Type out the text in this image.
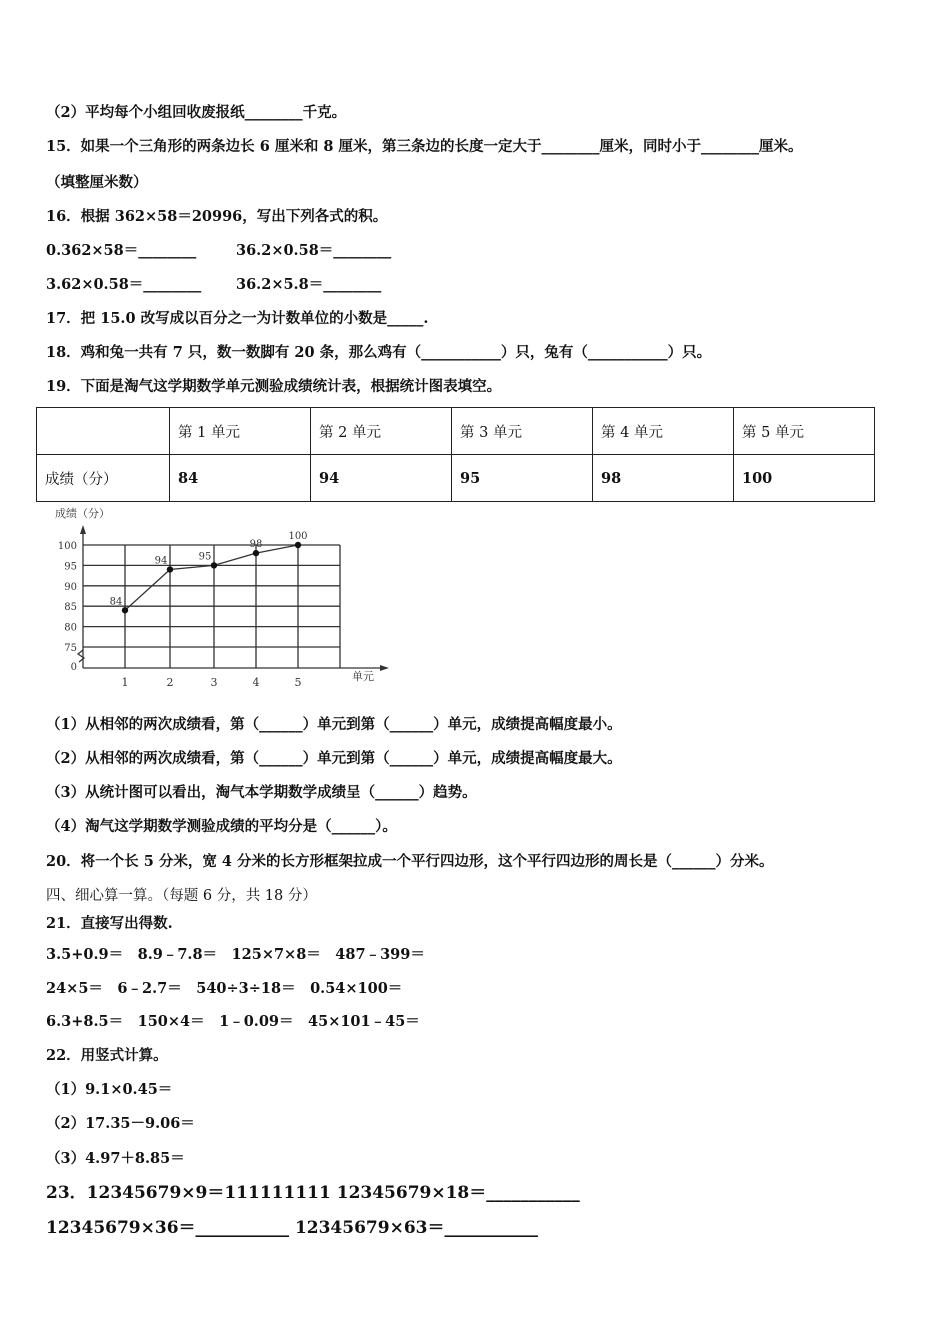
（2）平均每个小组回收废报纸________千克。
15．如果一个三角形的两条边长 6 厘米和 8 厘米，第三条边的长度一定大于________厘米，同时小于________厘米。
（填整厘米数）
16．根据 362×58＝20996，写出下列各式的积。
0.362×58＝________	36.2×0.58＝________
3.62×0.58＝________ 36.2×5.8＝________
17．把 15.0 改写成以百分之一为计数单位的小数是_____.
18．鸡和兔一共有 7 只，数一数脚有 20 条，那么鸡有（___________）只，兔有（___________）只。
19．下面是淘气这学期数学单元测验成绩统计表，根据统计图表填空。
	第 1 单元	第 2 单元	第 3 单元	第 4 单元	第 5 单元
成绩（分）	84	94	95	98	100
成绩（分）
单元
0
75
80
85
90
95
100
1	2	3	4	5
84
94	95
98
100
（1）从相邻的两次成绩看，第（______）单元到第（______）单元，成绩提高幅度最小。
（2）从相邻的两次成绩看，第（______）单元到第（______）单元，成绩提高幅度最大。
（3）从统计图可以看出，淘气本学期数学成绩呈（______）趋势。
（4）淘气这学期数学测验成绩的平均分是（______）。
20．将一个长 5 分米，宽 4 分米的长方形框架拉成一个平行四边形，这个平行四边形的周长是（______）分米。
四、细心算一算。（每题 6 分，共 18 分）
21．直接写出得数.
3.5+0.9＝　8.9﹣7.8＝　125×7×8＝　487﹣399＝
24×5＝　6﹣2.7＝　540÷3÷18＝　0.54×100＝
6.3+8.5＝　150×4＝　1﹣0.09＝　45×101﹣45＝
22．用竖式计算。
（1）9.1×0.45＝
（2）17.35－9.06＝
（3）4.97＋8.85＝
23．12345679×9＝111111111 12345679×18＝___________
12345679×36＝___________ 12345679×63＝___________
